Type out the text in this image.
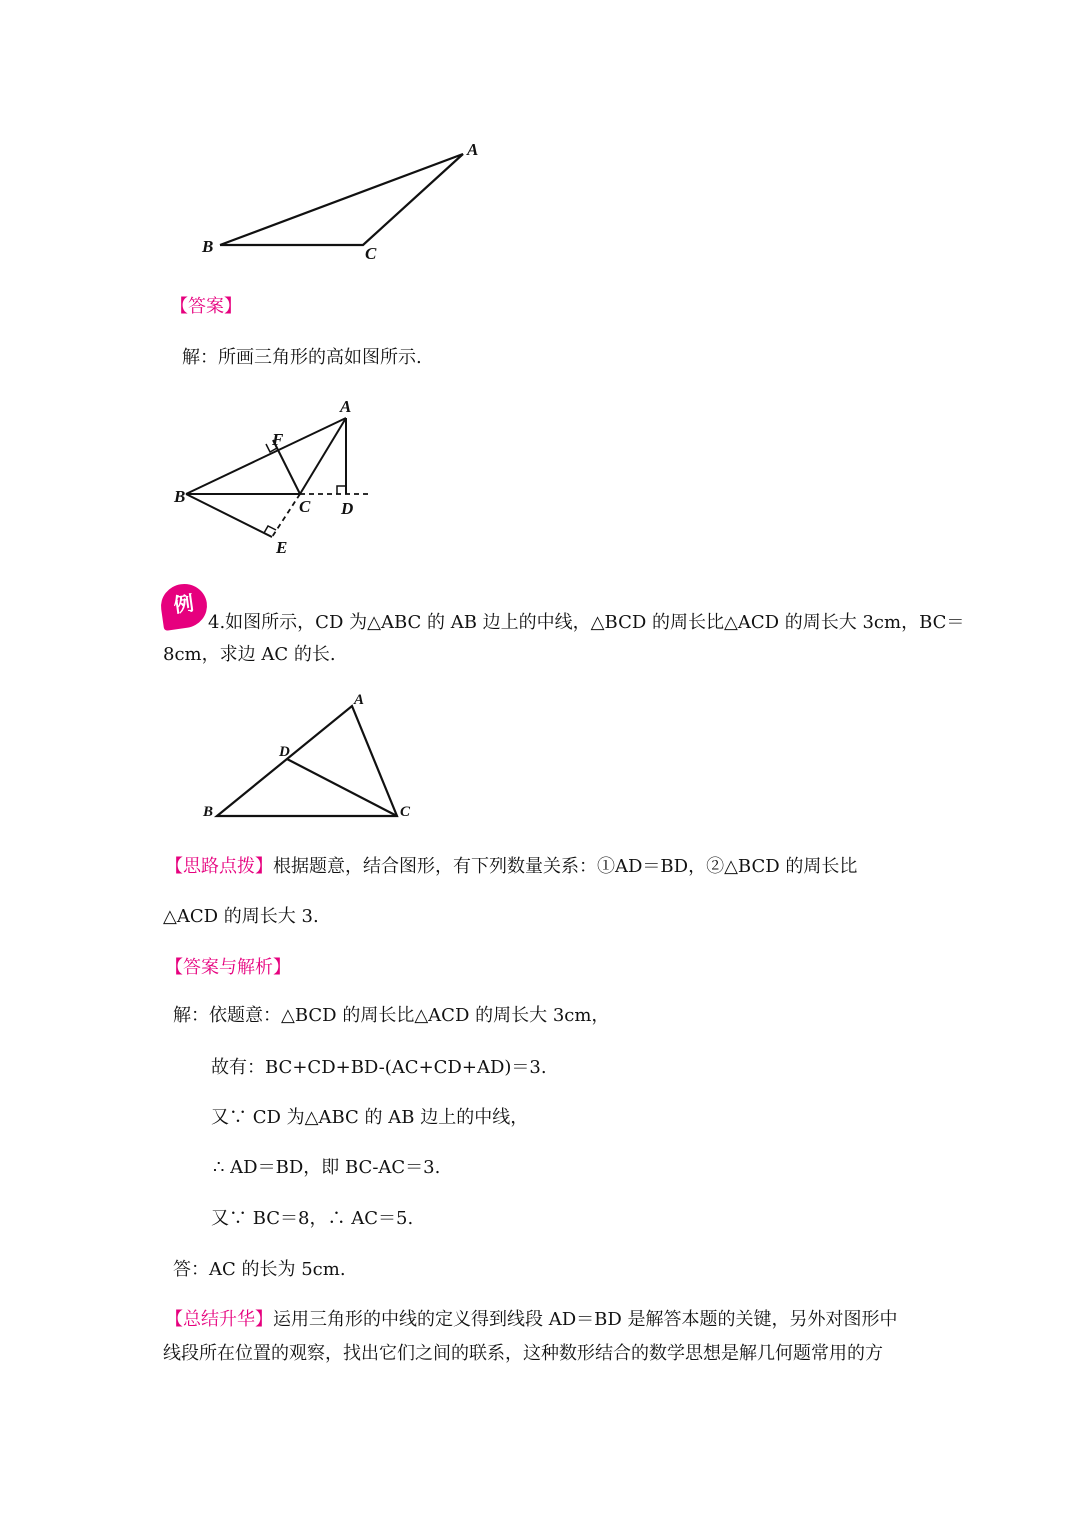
A
B	C
【答案】
解：所画三角形的高如图所示.
A
B
C D
E
F
例
4.如图所示，CD 为△ABC 的 AB 边上的中线，△BCD 的周长比△ACD 的周长大 3cm，BC＝
8cm，求边 AC 的长.
A
B	C
D
【思路点拨】根据题意，结合图形，有下列数量关系：①AD＝BD，②△BCD 的周长比
△ACD 的周长大 3.
【答案与解析】
解：依题意：△BCD 的周长比△ACD 的周长大 3cm，
故有：BC+CD+BD-(AC+CD+AD)＝3.
又∵ CD 为△ABC 的 AB 边上的中线，
∴ AD＝BD，即 BC-AC＝3.
又∵ BC＝8，∴ AC＝5.
答：AC 的长为 5cm.
【总结升华】运用三角形的中线的定义得到线段 AD＝BD 是解答本题的关键，另外对图形中
线段所在位置的观察，找出它们之间的联系，这种数形结合的数学思想是解几何题常用的方
